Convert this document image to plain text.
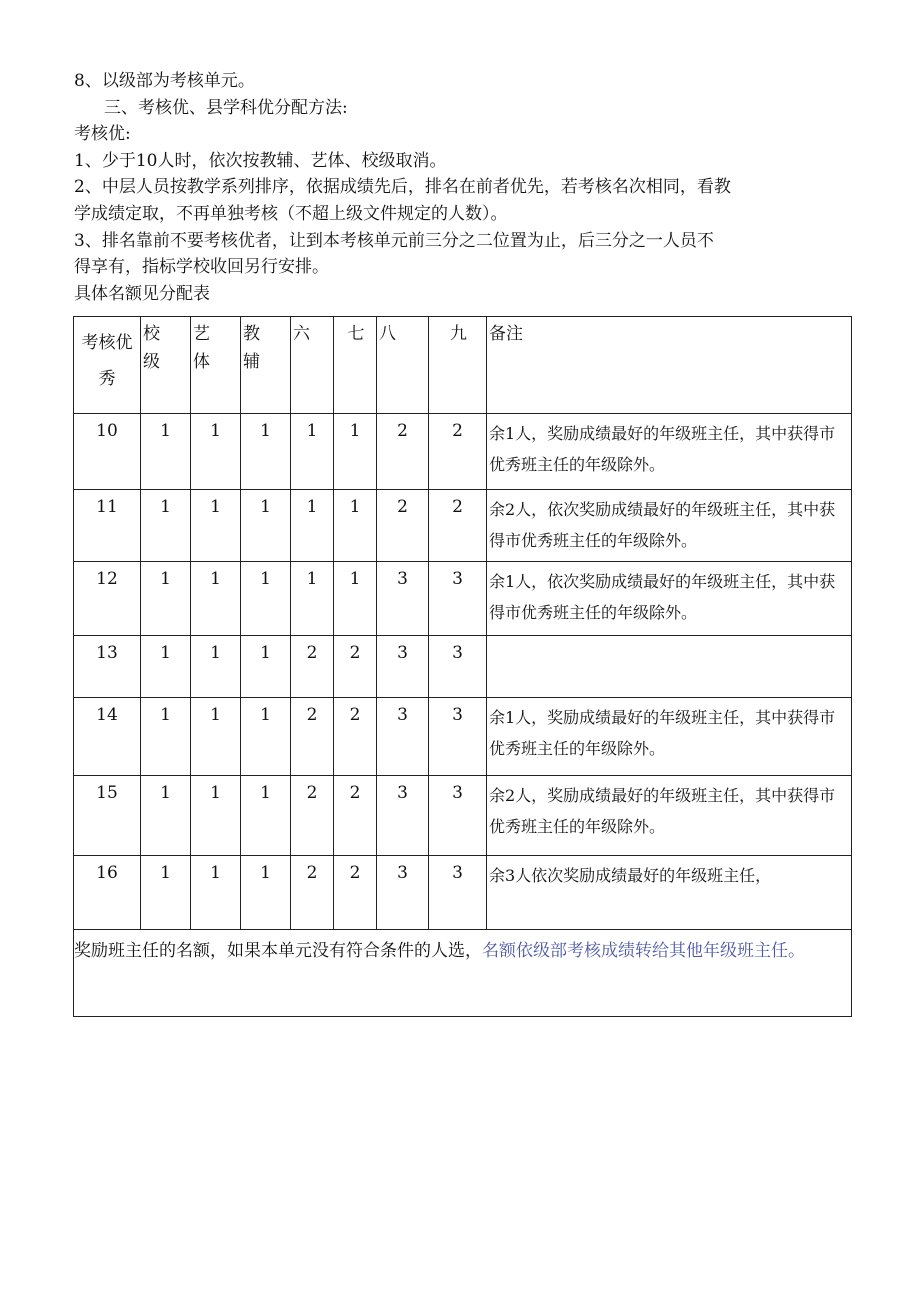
8、以级部为考核单元。
三、考核优、县学科优分配方法:
考核优:
1、少于10人时，依次按教辅、艺体、校级取消。
2、中层人员按教学系列排序，依据成绩先后，排名在前者优先，若考核名次相同，看教
学成绩定取，不再单独考核（不超上级文件规定的人数）。
3、排名靠前不要考核优者，让到本考核单元前三分之二位置为止，后三分之一人员不
得享有，指标学校收回另行安排。
具体名额见分配表
考核优秀	校级	艺体	教辅	六	七	八	九	备注

10	1	1	1	1	1	2	2	余1人，奖励成绩最好的年级班主任，其中获得市优秀班主任的年级除外。
11	1	1	1	1	1	2	2	余2人，依次奖励成绩最好的年级班主任，其中获得市优秀班主任的年级除外。
12	1	1	1	1	1	3	3	余1人，依次奖励成绩最好的年级班主任，其中获得市优秀班主任的年级除外。
13	1	1	1	2	2	3	3	
14	1	1	1	2	2	3	3	余1人，奖励成绩最好的年级班主任，其中获得市优秀班主任的年级除外。
15	1	1	1	2	2	3	3	余2人，奖励成绩最好的年级班主任，其中获得市优秀班主任的年级除外。
16	1	1	1	2	2	3	3	余3人依次奖励成绩最好的年级班主任，
奖励班主任的名额，如果本单元没有符合条件的人选，名额依级部考核成绩转给其他年级班主任。								
